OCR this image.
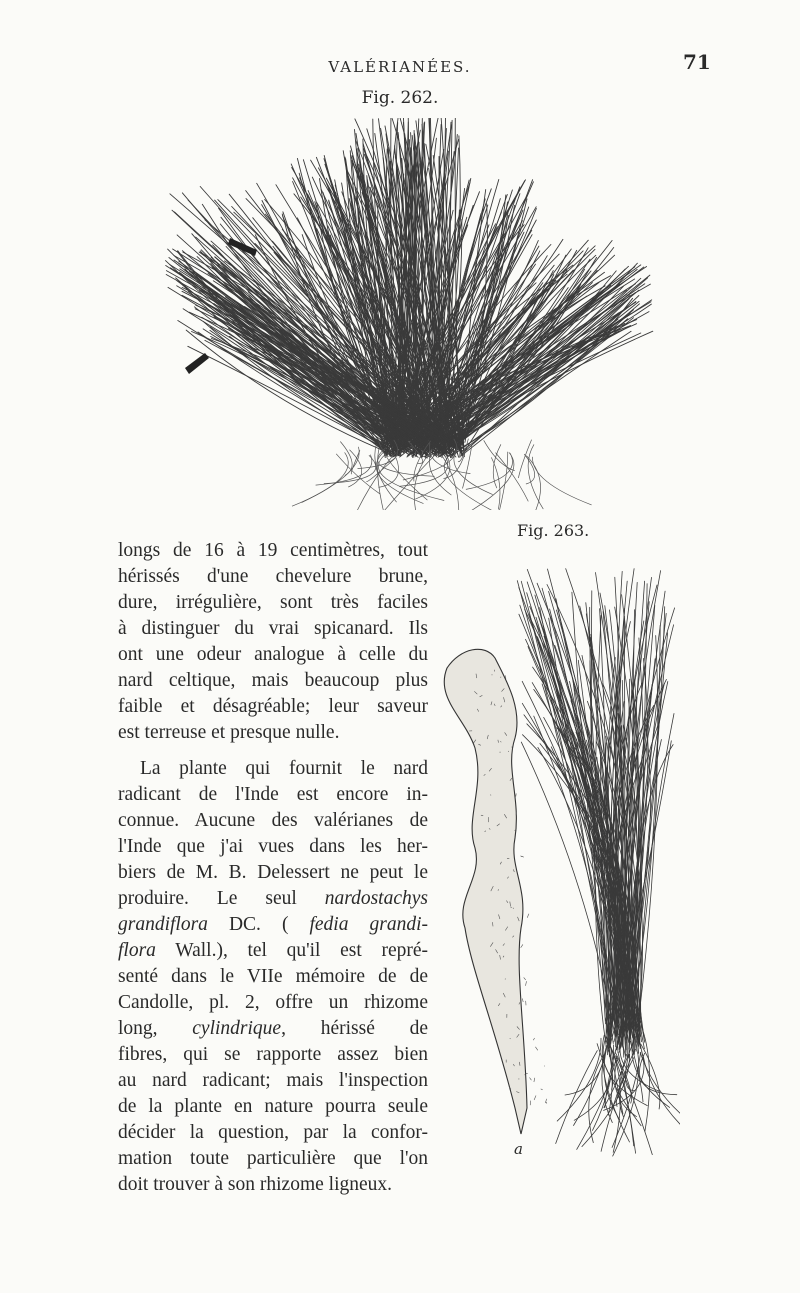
VALÉRIANÉES.	71
Fig. 262.
Fig. 263.
a

longs de 16 à 19 centimètres, tout
hérissés d'une chevelure brune,
dure, irrégulière, sont très faciles
à distinguer du vrai spicanard. Ils
ont une odeur analogue à celle du
nard celtique, mais beaucoup plus
faible et désagréable; leur saveur
est terreuse et presque nulle.

La plante qui fournit le nard

radicant de l'Inde est encore in-
connue. Aucune des valérianes de
l'Inde que j'ai vues dans les her-
biers de M. B. Delessert ne peut le
produire. Le seul nardostachys
grandiflora DC. ( fedia grandi-
flora Wall.), tel qu'il est repré-
senté dans le VIIe mémoire de de
Candolle, pl. 2, offre un rhizome
long, cylindrique, hérissé de
fibres, qui se rapporte assez bien
au nard radicant; mais l'inspection
de la plante en nature pourra seule
décider la question, par la confor-
mation toute particulière que l'on
doit trouver à son rhizome ligneux.
